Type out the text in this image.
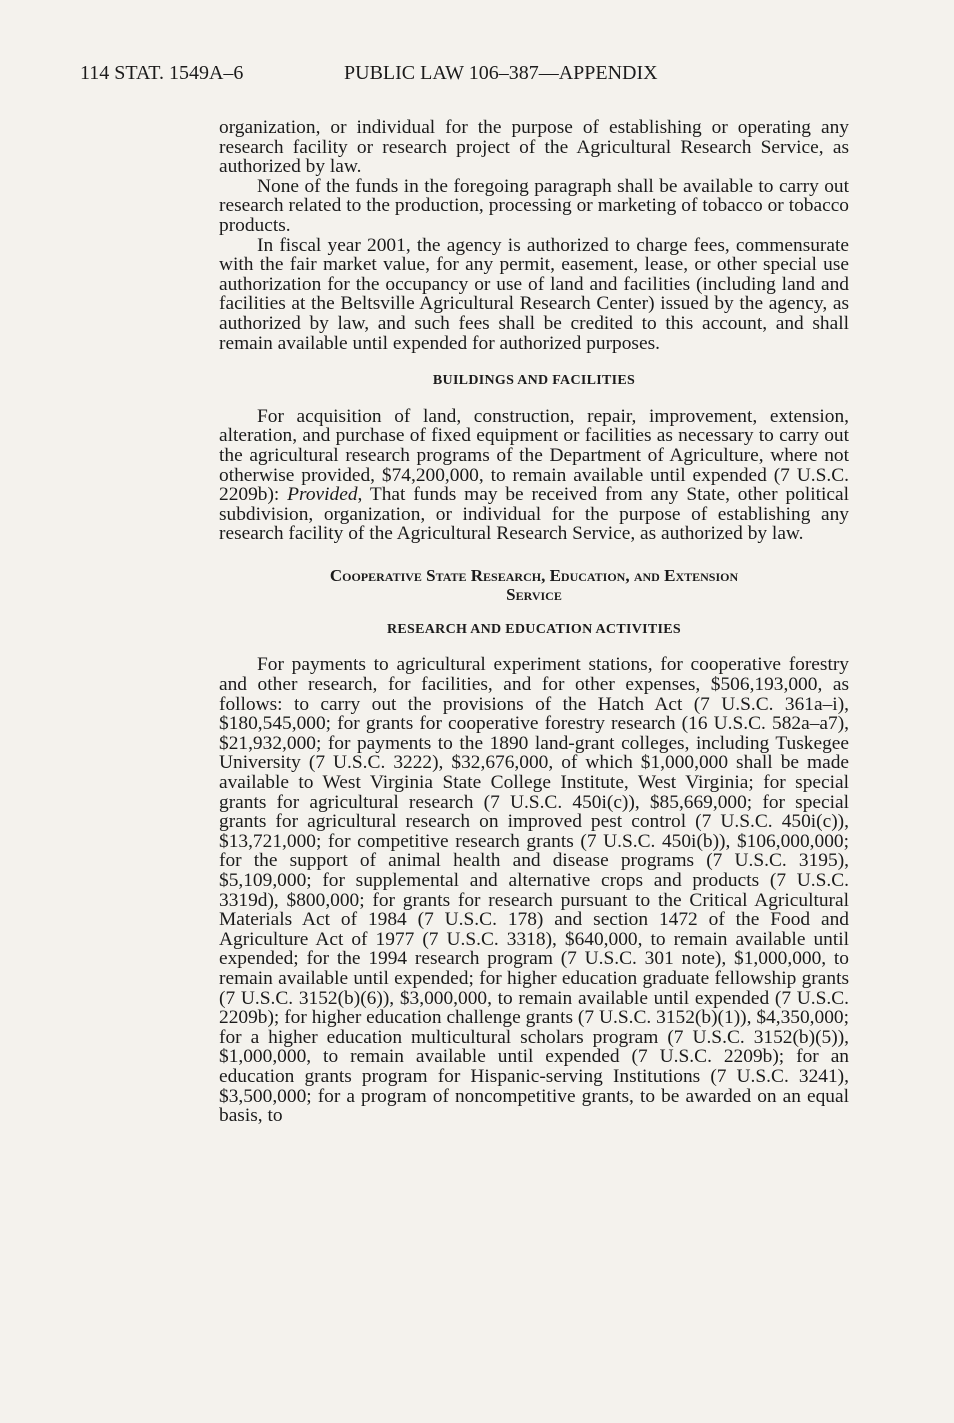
114 STAT. 1549A–6	PUBLIC LAW 106–387—APPENDIX

organization, or individual for the purpose of establishing or operating any research facility or research project of the Agricultural Research Service, as authorized by law.

None of the funds in the foregoing paragraph shall be available to carry out research related to the production, processing or marketing of tobacco or tobacco products.

In fiscal year 2001, the agency is authorized to charge fees, commensurate with the fair market value, for any permit, easement, lease, or other special use authorization for the occupancy or use of land and facilities (including land and facilities at the Beltsville Agricultural Research Center) issued by the agency, as authorized by law, and such fees shall be credited to this account, and shall remain available until expended for authorized purposes.

BUILDINGS AND FACILITIES

For acquisition of land, construction, repair, improvement, extension, alteration, and purchase of fixed equipment or facilities as necessary to carry out the agricultural research programs of the Department of Agriculture, where not otherwise provided, $74,200,000, to remain available until expended (7 U.S.C. 2209b): Provided, That funds may be received from any State, other political subdivision, organization, or individual for the purpose of establishing any research facility of the Agricultural Research Service, as authorized by law.

Cooperative State Research, Education, and Extension
Service
RESEARCH AND EDUCATION ACTIVITIES

For payments to agricultural experiment stations, for cooperative forestry and other research, for facilities, and for other expenses, $506,193,000, as follows: to carry out the provisions of the Hatch Act (7 U.S.C. 361a–i), $180,545,000; for grants for cooperative forestry research (16 U.S.C. 582a–a7), $21,932,000; for payments to the 1890 land-grant colleges, including Tuskegee University (7 U.S.C. 3222), $32,676,000, of which $1,000,000 shall be made available to West Virginia State College Institute, West Virginia; for special grants for agricultural research (7 U.S.C. 450i(c)), $85,669,000; for special grants for agricultural research on improved pest control (7 U.S.C. 450i(c)), $13,721,000; for competitive research grants (7 U.S.C. 450i(b)), $106,000,000; for the support of animal health and disease programs (7 U.S.C. 3195), $5,109,000; for supplemental and alternative crops and products (7 U.S.C. 3319d), $800,000; for grants for research pursuant to the Critical Agricultural Materials Act of 1984 (7 U.S.C. 178) and section 1472 of the Food and Agriculture Act of 1977 (7 U.S.C. 3318), $640,000, to remain available until expended; for the 1994 research program (7 U.S.C. 301 note), $1,000,000, to remain available until expended; for higher education graduate fellowship grants (7 U.S.C. 3152(b)(6)), $3,000,000, to remain available until expended (7 U.S.C. 2209b); for higher education challenge grants (7 U.S.C. 3152(b)(1)), $4,350,000; for a higher education multicultural scholars program (7 U.S.C. 3152(b)(5)), $1,000,000, to remain available until expended (7 U.S.C. 2209b); for an education grants program for Hispanic-serving Institutions (7 U.S.C. 3241), $3,500,000; for a program of noncompetitive grants, to be awarded on an equal basis, to
